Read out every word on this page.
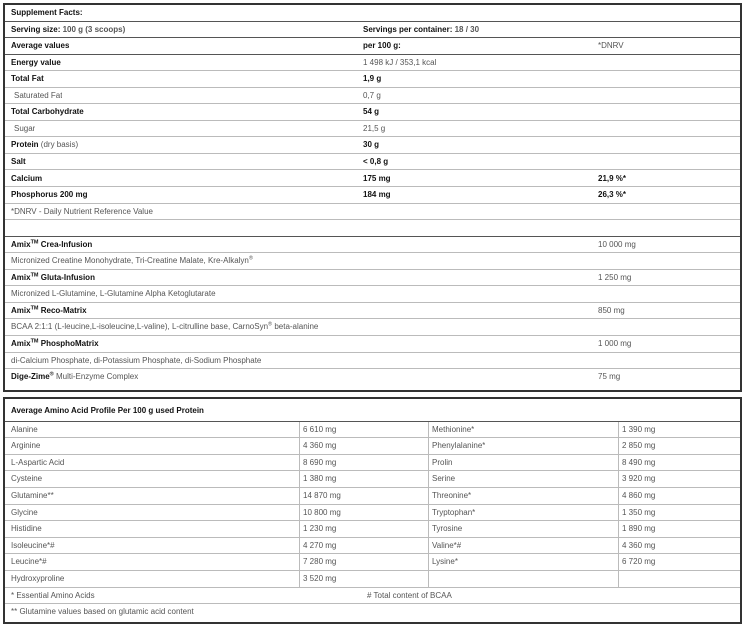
Supplement Facts:
Serving size: 100 g (3 scoops)	Servings per container: 18 / 30
Average values	per 100 g:	*DNRV
Energy value	1 498 kJ / 353,1 kcal
Total Fat	1,9 g
Saturated Fat	0,7 g
Total Carbohydrate	54 g
Sugar	21,5 g
Protein (dry basis)	30 g
Salt	< 0,8 g
Calcium	175 mg	21,9 %*
Phosphorus 200 mg	184 mg	26,3 %*
*DNRV - Daily Nutrient Reference Value
Amix™ Crea-Infusion	10 000 mg
Micronized Creatine Monohydrate, Tri-Creatine Malate, Kre-Alkalyn®
Amix™ Gluta-Infusion	1 250 mg
Micronized L-Glutamine, L-Glutamine Alpha Ketoglutarate
Amix™ Reco-Matrix	850 mg
BCAA 2:1:1 (L-leucine,L-isoleucine,L-valine), L-citrulline base, CarnoSyn® beta-alanine
Amix™ PhosphoMatrix	1 000 mg
di-Calcium Phosphate, di-Potassium Phosphate, di-Sodium Phosphate
Dige-Zime® Multi-Enzyme Complex	75 mg
Average Amino Acid Profile Per 100 g used Protein
Alanine	6 610 mg	Methionine*	1 390 mg
Arginine	4 360 mg	Phenylalanine*	2 850 mg
L-Aspartic Acid	8 690 mg	Prolin	8 490 mg
Cysteine	1 380 mg	Serine	3 920 mg
Glutamine**	14 870 mg	Threonine*	4 860 mg
Glycine	10 800 mg	Tryptophan*	1 350 mg
Histidine	1 230 mg	Tyrosine	1 890 mg
Isoleucine*#	4 270 mg	Valine*#	4 360 mg
Leucine*#	7 280 mg	Lysine*	6 720 mg
Hydroxyproline	3 520 mg
* Essential Amino Acids	# Total content of BCAA
** Glutamine values based on glutamic acid content
